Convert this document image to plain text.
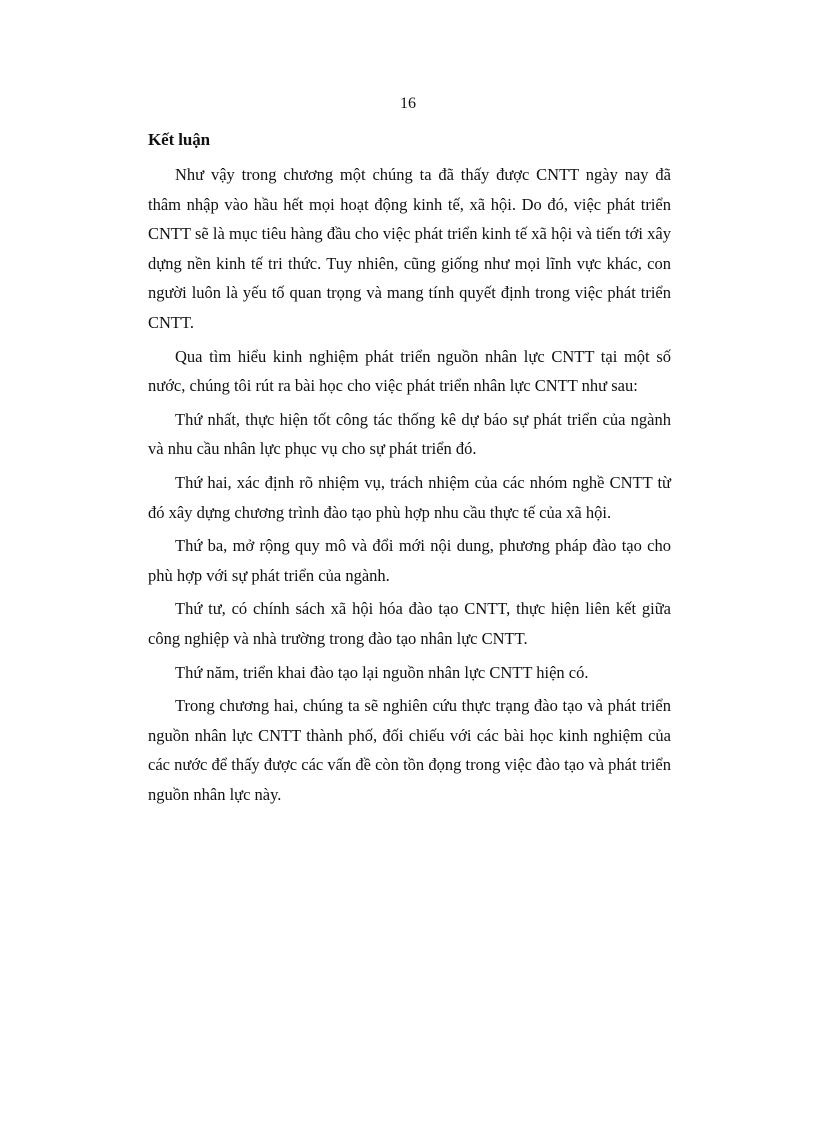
16
Kết luận

Như vậy trong chương một chúng ta đã thấy được CNTT ngày nay đã thâm nhập vào hầu hết mọi hoạt động kinh tế, xã hội. Do đó, việc phát triển CNTT sẽ là mục tiêu hàng đầu cho việc phát triển kinh tế xã hội và tiến tới xây dựng nền kinh tế tri thức. Tuy nhiên, cũng giống như mọi lĩnh vực khác, con người luôn là yếu tố quan trọng và mang tính quyết định trong việc phát triển CNTT.

Qua tìm hiểu kinh nghiệm phát triển nguồn nhân lực CNTT tại một số nước, chúng tôi rút ra bài học cho việc phát triển nhân lực CNTT như sau:

Thứ nhất, thực hiện tốt công tác thống kê dự báo sự phát triển của ngành và nhu cầu nhân lực phục vụ cho sự phát triển đó.

Thứ hai, xác định rõ nhiệm vụ, trách nhiệm của các nhóm nghề CNTT từ đó xây dựng chương trình đào tạo phù hợp nhu cầu thực tế của xã hội.

Thứ ba, mở rộng quy mô và đổi mới nội dung, phương pháp đào tạo cho phù hợp với sự phát triển của ngành.

Thứ tư, có chính sách xã hội hóa đào tạo CNTT, thực hiện liên kết giữa công nghiệp và nhà trường trong đào tạo nhân lực CNTT.

Thứ năm, triển khai đào tạo lại nguồn nhân lực CNTT hiện có.

Trong chương hai, chúng ta sẽ nghiên cứu thực trạng đào tạo và phát triển nguồn nhân lực CNTT thành phố, đối chiếu với các bài học kinh nghiệm của các nước để thấy được các vấn đề còn tồn đọng trong việc đào tạo và phát triển nguồn nhân lực này.
